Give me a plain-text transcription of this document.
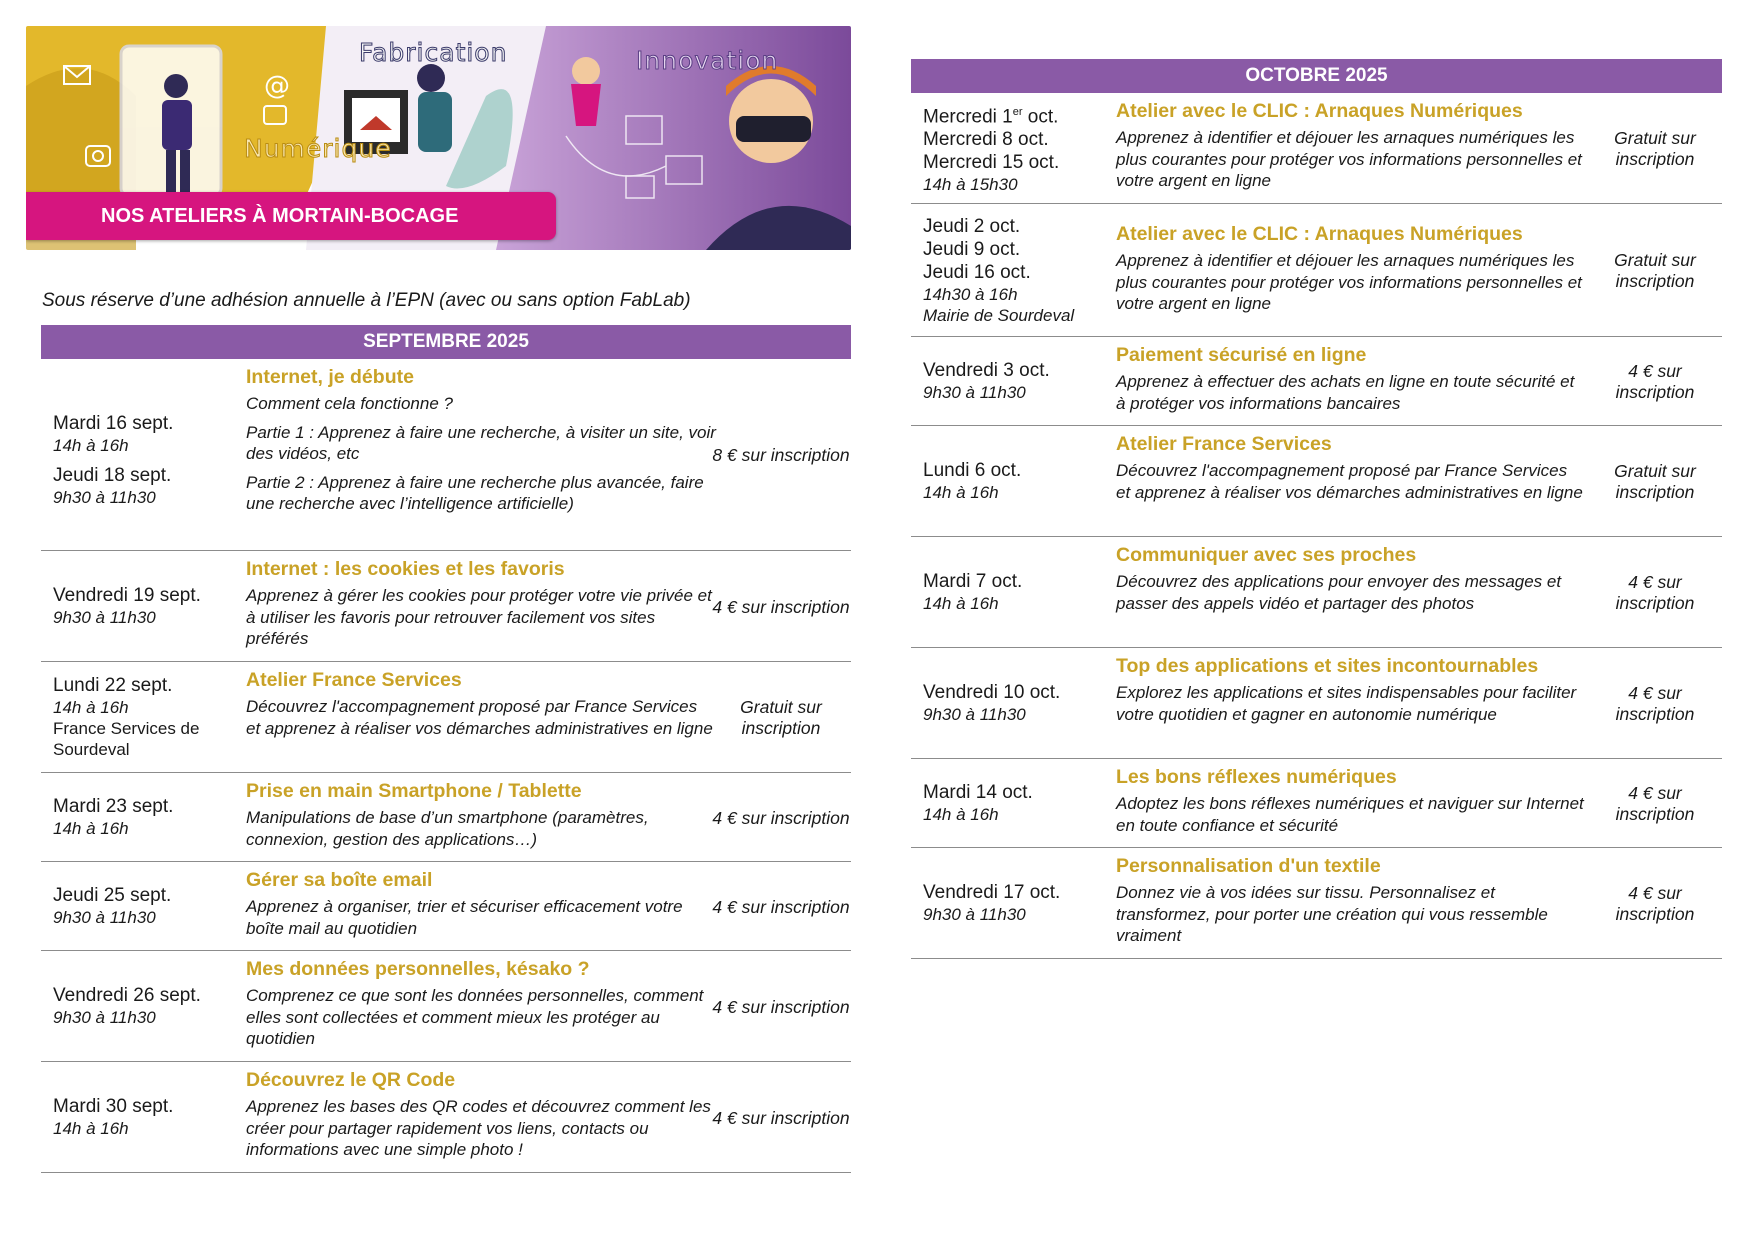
@
Fabrication	Innovation
Numérique
NOS ATELIERS À MORTAIN-BOCAGE
Sous réserve d’une adhésion annuelle à l’EPN (avec ou sans option FabLab)
SEPTEMBRE 2025
Mardi 16 sept.
14h à 16h
Jeudi 18 sept.
9h30 à 11h30
Internet, je débute
Comment cela fonctionne ?
Partie 1 : Apprenez à faire une recherche, à visiter un site, voir des vidéos, etc
Partie 2 : Apprenez à faire une recherche plus avancée, faire une recherche avec l’intelligence artificielle)
8 € sur inscription
Vendredi 19 sept.
9h30 à 11h30
Internet : les cookies et les favoris
Apprenez à gérer les cookies pour protéger votre vie privée et à utiliser les favoris pour retrouver facilement vos sites préférés
4 € sur inscription
Lundi 22 sept.
14h à 16h
France Services de Sourdeval
Atelier France Services
Découvrez l'accompagnement proposé par France Services et apprenez à réaliser vos démarches administratives en ligne
Gratuit sur inscription
Mardi 23 sept.
14h à 16h
Prise en main Smartphone / Tablette
Manipulations de base d’un smartphone (paramètres, connexion, gestion des applications…)
4 € sur inscription
Jeudi 25 sept.
9h30 à 11h30
Gérer sa boîte email
Apprenez à organiser, trier et sécuriser efficacement votre boîte mail au quotidien
4 € sur inscription
Vendredi 26 sept.
9h30 à 11h30
Mes données personnelles, késako ?
Comprenez ce que sont les données personnelles, comment elles sont collectées et comment mieux les protéger au quotidien
4 € sur inscription
Mardi 30 sept.
14h à 16h
Découvrez le QR Code
Apprenez les bases des QR codes et découvrez comment les créer pour partager rapidement vos liens, contacts ou informations avec une simple photo !
4 € sur inscription
OCTOBRE 2025
Mercredi 1er oct.
Mercredi 8 oct.
Mercredi 15 oct.
14h à 15h30
Atelier avec le CLIC : Arnaques Numériques
Apprenez à identifier et déjouer les arnaques numériques les plus courantes pour protéger vos informations personnelles et votre argent en ligne
Gratuit sur inscription
Jeudi 2 oct.
Jeudi 9 oct.
Jeudi 16 oct.
14h30 à 16h
Mairie de Sourdeval
Atelier avec le CLIC : Arnaques Numériques
Apprenez à identifier et déjouer les arnaques numériques les plus courantes pour protéger vos informations personnelles et votre argent en ligne
Gratuit sur inscription
Vendredi 3 oct.
9h30 à 11h30
Paiement sécurisé en ligne
Apprenez à effectuer des achats en ligne en toute sécurité et à protéger vos informations bancaires
4 € sur inscription
Lundi 6 oct.
14h à 16h
Atelier France Services
Découvrez l'accompagnement proposé par France Services et apprenez à réaliser vos démarches administratives en ligne
Gratuit sur inscription
Mardi 7 oct.
14h à 16h
Communiquer avec ses proches
Découvrez des applications pour envoyer des messages et passer des appels vidéo et partager des photos
4 € sur inscription
Vendredi 10 oct.
9h30 à 11h30
Top des applications et sites incontournables
Explorez les applications et sites indispensables pour faciliter votre quotidien et gagner en autonomie numérique
4 € sur inscription
Mardi 14 oct.
14h à 16h
Les bons réflexes numériques
Adoptez les bons réflexes numériques et naviguer sur Internet en toute confiance et sécurité
4 € sur inscription
Vendredi 17 oct.
9h30 à 11h30
Personnalisation d'un textile
Donnez vie à vos idées sur tissu. Personnalisez et transformez, pour porter une création qui vous ressemble vraiment
4 € sur inscription
